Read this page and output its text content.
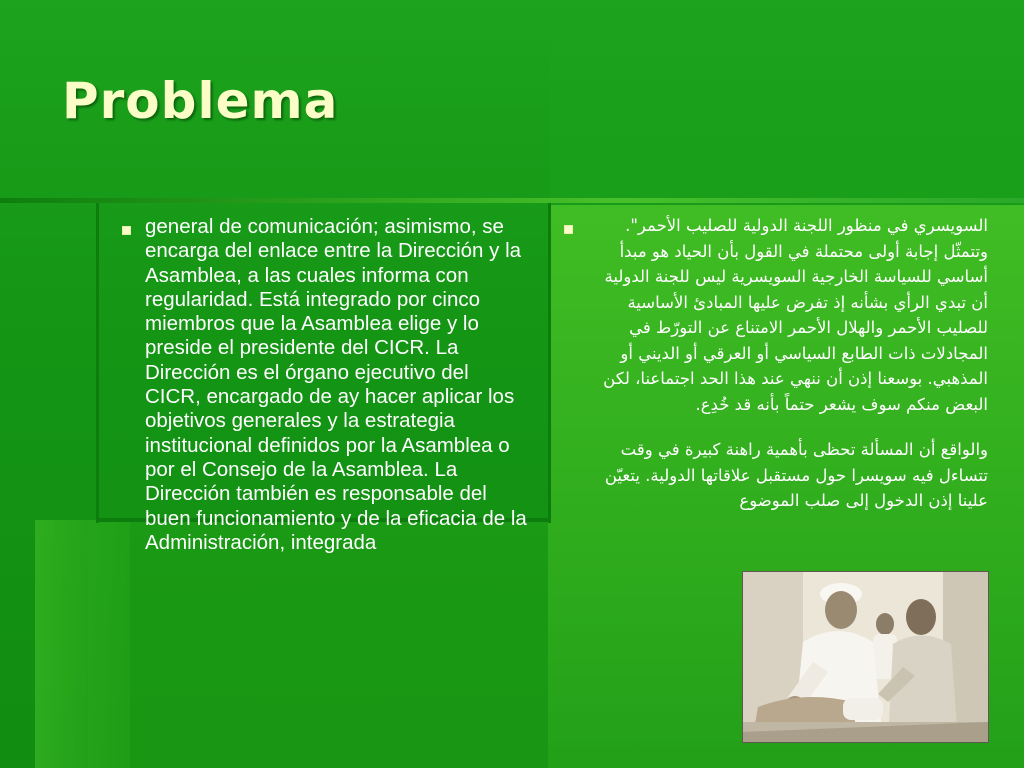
Problema

general de comunicación; asimismo, se encarga del enlace entre la Dirección y la Asamblea, a las cuales informa con regularidad. Está integrado por cinco miembros que la Asamblea elige y lo preside el presidente del CICR. La Dirección es el órgano ejecutivo del CICR, encargado de ay hacer aplicar los objetivos generales y la estrategia institucional definidos por la Asamblea o por el Consejo de la Asamblea. La Dirección también es responsable del buen funcionamiento y de la eficacia de la Administración, integrada

السويسري في منظور اللجنة الدولية للصليب الأحمر". وتتمثّل إجابة أولى محتملة في القول بأن الحياد هو مبدأ أساسي للسياسة الخارجية السويسرية ليس للجنة الدولية أن تبدي الرأي بشأنه إذ تفرض عليها المبادئ الأساسية للصليب الأحمر والهلال الأحمر الامتناع عن التورّط في المجادلات ذات الطابع السياسي أو العرقي أو الديني أو المذهبي. بوسعنا إذن أن ننهي عند هذا الحد اجتماعنا، لكن البعض منكم سوف يشعر حتماً بأنه قد خُدِع.

والواقع أن المسألة تحظى بأهمية راهنة كبيرة في وقت تتساءل فيه سويسرا حول مستقبل علاقاتها الدولية. يتعيّن علينا إذن الدخول إلى صلب الموضوع
